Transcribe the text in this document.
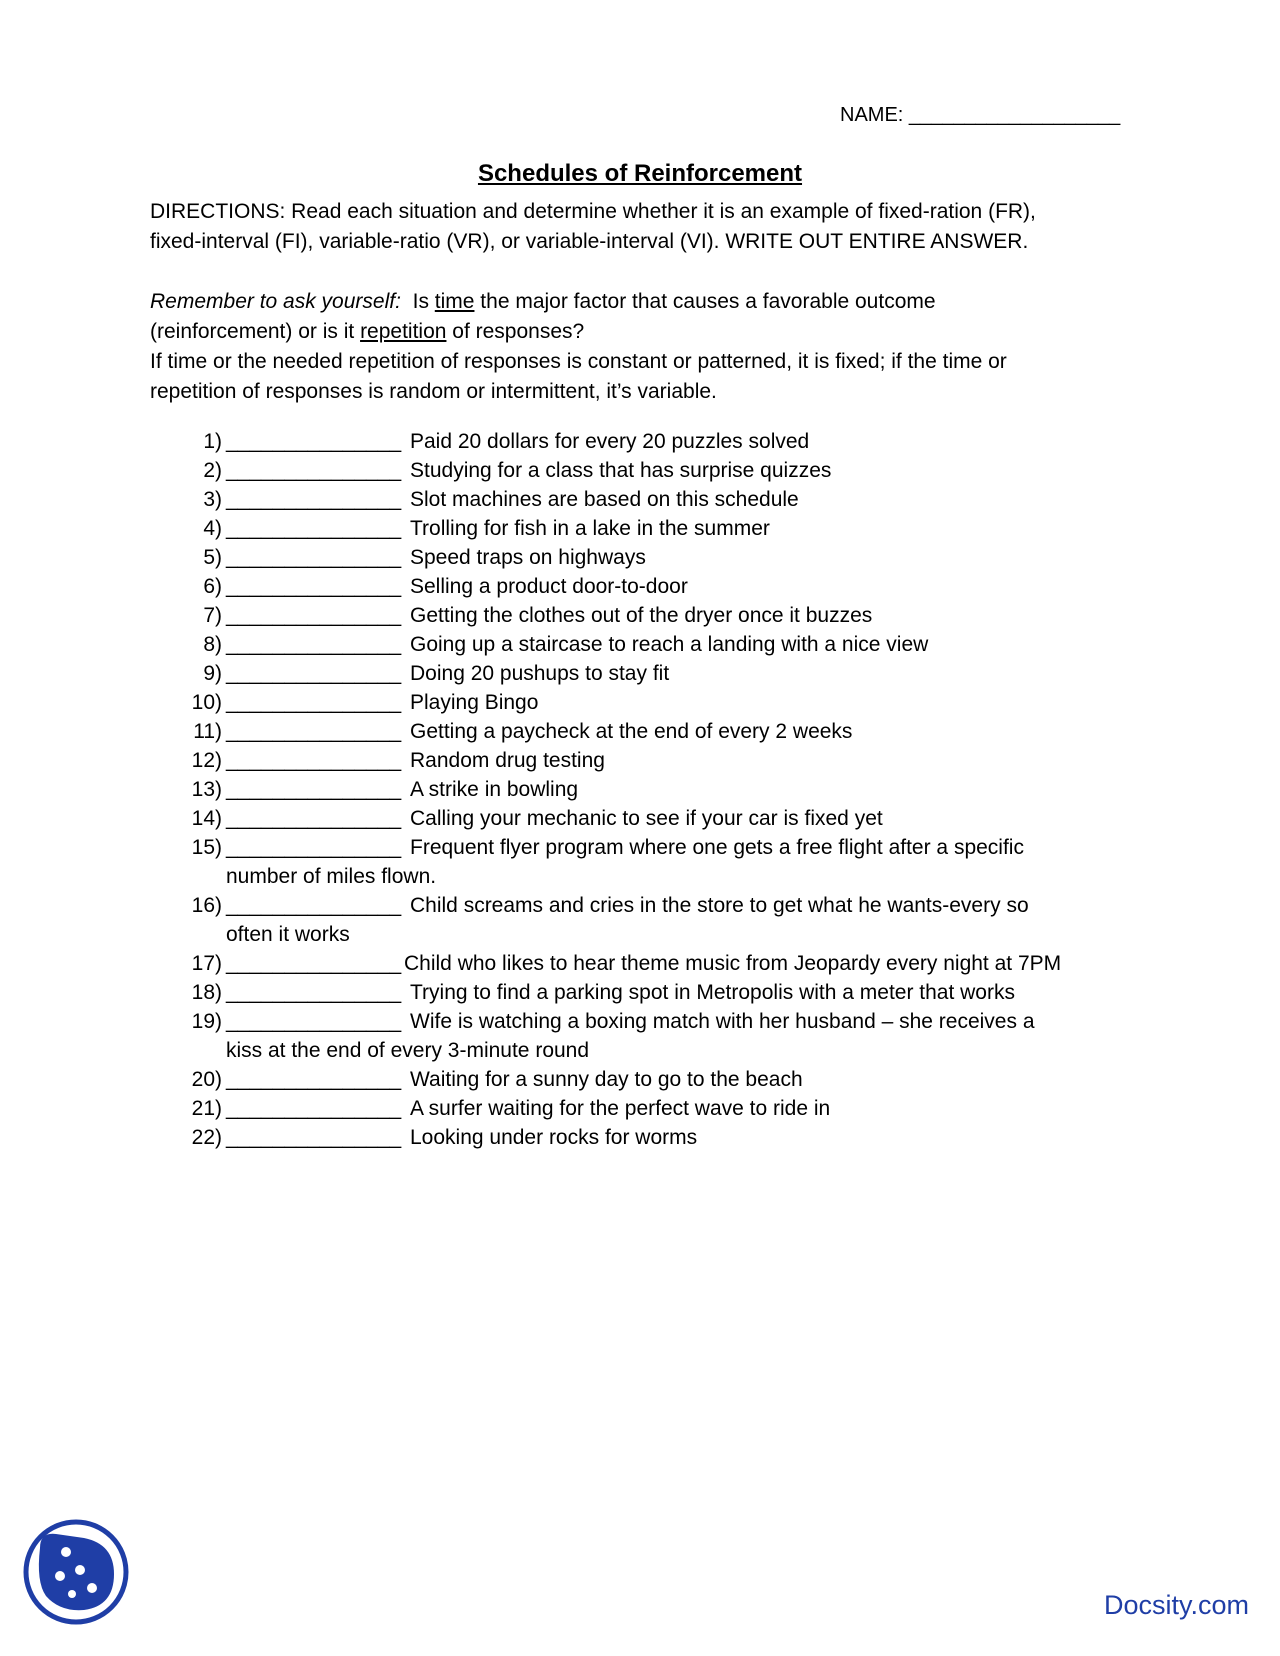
NAME: ___________________
Schedules of Reinforcement
DIRECTIONS: Read each situation and determine whether it is an example of fixed-ration (FR),
fixed-interval (FI), variable-ratio (VR), or variable-interval (VI). WRITE OUT ENTIRE ANSWER.
Remember to ask yourself:  Is time the major factor that causes a favorable outcome
(reinforcement) or is it repetition of responses?
If time or the needed repetition of responses is constant or patterned, it is fixed; if the time or
repetition of responses is random or intermittent, it’s variable.
1) _______________ Paid 20 dollars for every 20 puzzles solved
2) _______________ Studying for a class that has surprise quizzes
3) _______________ Slot machines are based on this schedule
4) _______________ Trolling for fish in a lake in the summer
5) _______________ Speed traps on highways
6) _______________ Selling a product door-to-door
7) _______________ Getting the clothes out of the dryer once it buzzes
8) _______________ Going up a staircase to reach a landing with a nice view
9) _______________ Doing 20 pushups to stay fit
10) _______________ Playing Bingo
11) _______________ Getting a paycheck at the end of every 2 weeks
12) _______________ Random drug testing
13) _______________ A strike in bowling
14) _______________ Calling your mechanic to see if your car is fixed yet
15) _______________ Frequent flyer program where one gets a free flight after a specific
number of miles flown.
16) _______________ Child screams and cries in the store to get what he wants-every so
often it works
17) _______________ Child who likes to hear theme music from Jeopardy every night at 7PM
18) _______________ Trying to find a parking spot in Metropolis with a meter that works
19) _______________ Wife is watching a boxing match with her husband – she receives a
kiss at the end of every 3-minute round
20) _______________ Waiting for a sunny day to go to the beach
21) _______________ A surfer waiting for the perfect wave to ride in
22) _______________ Looking under rocks for worms
Docsity.com
